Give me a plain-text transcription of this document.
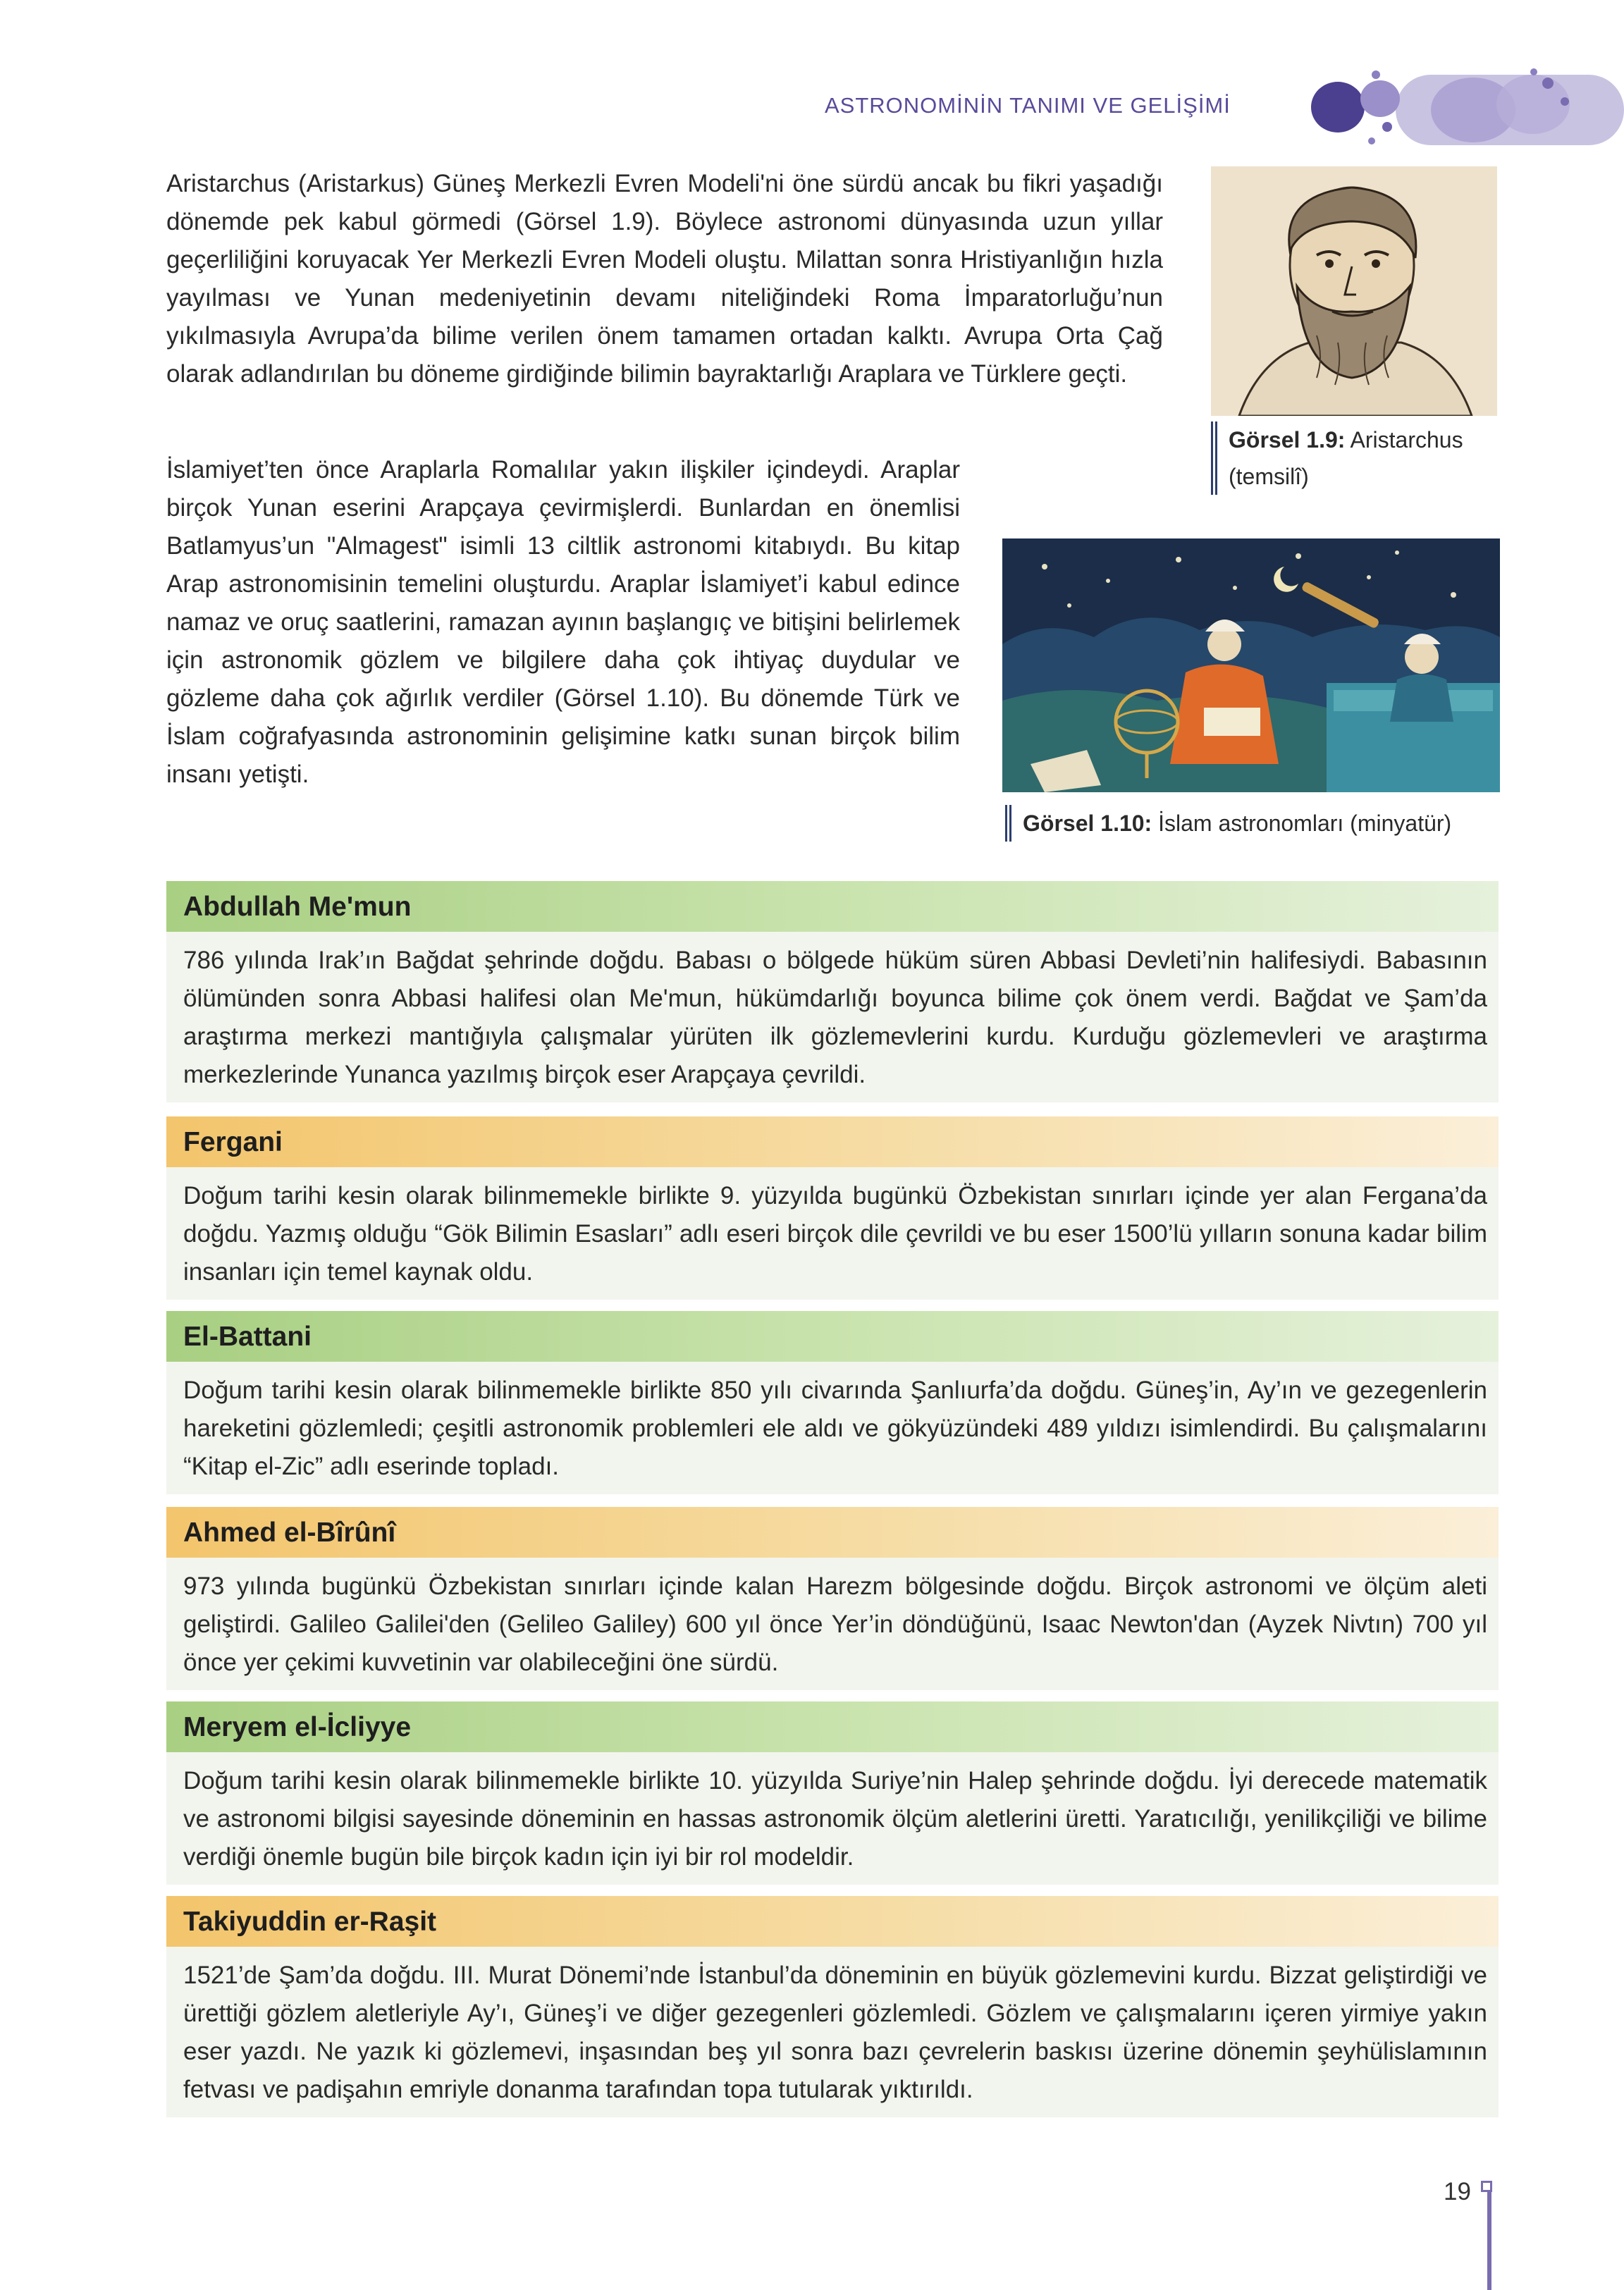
ASTRONOMİNİN TANIMI VE GELİŞİMİ

Aristarchus (Aristarkus) Güneş Merkezli Evren Modeli'ni öne sürdü ancak bu fikri yaşadığı dönemde pek kabul görmedi (Görsel 1.9). Böylece astronomi dünyasında uzun yıllar geçerliliğini koruyacak Yer Merkezli Evren Modeli oluştu. Milattan sonra Hristiyanlığın hızla yayılması ve Yunan medeniyetinin devamı niteliğindeki Roma İmparatorluğu’nun yıkılmasıyla Avrupa’da bilime verilen önem tamamen ortadan kalktı. Avrupa Orta Çağ olarak adlandırılan bu döneme girdiğinde bilimin bayraktarlığı Araplara ve Türklere geçti.

İslamiyet’ten önce Araplarla Romalılar yakın ilişkiler içindeydi. Araplar birçok Yunan eserini Arapçaya çevirmişlerdi. Bunlardan en önemlisi Batlamyus’un "Almagest" isimli 13 ciltlik astronomi kitabıydı. Bu kitap Arap astronomisinin temelini oluşturdu. Araplar İslamiyet’i kabul edince namaz ve oruç saatlerini, ramazan ayının başlangıç ve bitişini belirlemek için astronomik gözlem ve bilgilere daha çok ihtiyaç duydular ve gözleme daha çok ağırlık verdiler (Görsel 1.10). Bu dönemde Türk ve İslam coğrafyasında astronominin gelişimine katkı sunan birçok bilim insanı yetişti.

Görsel 1.9: Aristarchus (temsilî)
Görsel 1.10: İslam astronomları (minyatür)
Abdullah Me'mun
786 yılında Irak’ın Bağdat şehrinde doğdu. Babası o bölgede hüküm süren Abbasi Devleti’nin halifesiydi. Babasının ölümünden sonra Abbasi halifesi olan Me'mun, hükümdarlığı boyunca bilime çok önem verdi. Bağdat ve Şam’da araştırma merkezi mantığıyla çalışmalar yürüten ilk gözlemevlerini kurdu. Kurduğu gözlemevleri ve araştırma merkezlerinde Yunanca yazılmış birçok eser Arapçaya çevrildi.
Fergani
Doğum tarihi kesin olarak bilinmemekle birlikte 9. yüzyılda bugünkü Özbekistan sınırları içinde yer alan Fergana’da doğdu. Yazmış olduğu “Gök Bilimin Esasları” adlı eseri birçok dile çevrildi ve bu eser 1500’lü yılların sonuna kadar bilim insanları için temel kaynak oldu.
El-Battani
Doğum tarihi kesin olarak bilinmemekle birlikte 850 yılı civarında Şanlıurfa’da doğdu. Güneş’in, Ay’ın ve gezegenlerin hareketini gözlemledi; çeşitli astronomik problemleri ele aldı ve gökyüzündeki 489 yıldızı isimlendirdi. Bu çalışmalarını “Kitap el-Zic” adlı eserinde topladı.
Ahmed el-Bîrûnî
973 yılında bugünkü Özbekistan sınırları içinde kalan Harezm bölgesinde doğdu. Birçok astronomi ve ölçüm aleti geliştirdi. Galileo Galilei'den (Gelileo Galiley) 600 yıl önce Yer’in döndüğünü, Isaac Newton'dan (Ayzek Nivtın) 700 yıl önce yer çekimi kuvvetinin var olabileceğini öne sürdü.
Meryem el-İcliyye
Doğum tarihi kesin olarak bilinmemekle birlikte 10. yüzyılda Suriye’nin Halep şehrinde doğdu. İyi derecede matematik ve astronomi bilgisi sayesinde döneminin en hassas astronomik ölçüm aletlerini üretti. Yaratıcılığı, yenilikçiliği ve bilime verdiği önemle bugün bile birçok kadın için iyi bir rol modeldir.
Takiyuddin er-Raşit
1521’de Şam’da doğdu. III. Murat Dönemi’nde İstanbul’da döneminin en büyük gözlemevini kurdu. Bizzat geliştirdiği ve ürettiği gözlem aletleriyle Ay’ı, Güneş’i ve diğer gezegenleri gözlemledi. Gözlem ve çalışmalarını içeren yirmiye yakın eser yazdı. Ne yazık ki gözlemevi, inşasından beş yıl sonra bazı çevrelerin baskısı üzerine dönemin şeyhülislamının fetvası ve padişahın emriyle donanma tarafından topa tutularak yıktırıldı.
19
